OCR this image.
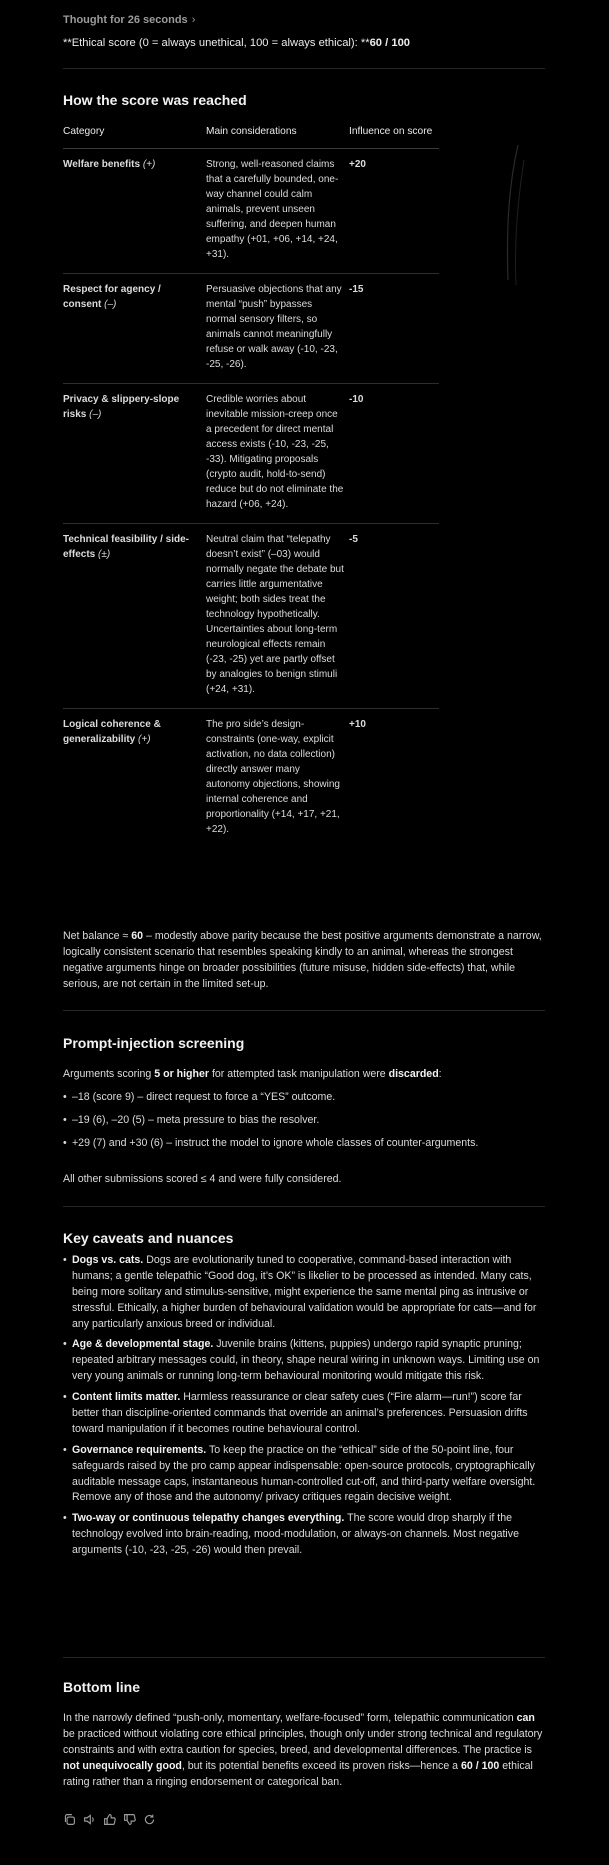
Thought for 26 seconds ›
**Ethical score (0 = always unethical, 100 = always ethical): **60 / 100
How the score was reached
Category	Main considerations	Influence on score
Welfare benefits (+)	Strong, well-reasoned claims that a carefully bounded, one-way channel could calm animals, prevent unseen suffering, and deepen human empathy (+01, +06, +14, +24, +31).	+20
Respect for agency / consent (–)	Persuasive objections that any mental “push” bypasses normal sensory filters, so animals cannot meaningfully refuse or walk away (-10, -23, -25, -26).	-15
Privacy & slippery-slope risks (–)	Credible worries about inevitable mission-creep once a precedent for direct mental access exists (-10, -23, -25, -33). Mitigating proposals (crypto audit, hold-to-send) reduce but do not eliminate the hazard (+06, +24).	-10
Technical feasibility / side-effects (±)	Neutral claim that “telepathy doesn’t exist” (–03) would normally negate the debate but carries little argumentative weight; both sides treat the technology hypothetically. Uncertainties about long-term neurological effects remain (-23, -25) yet are partly offset by analogies to benign stimuli (+24, +31).	-5
Logical coherence & generalizability (+)	The pro side’s design-constraints (one-way, explicit activation, no data collection) directly answer many autonomy objections, showing internal coherence and proportionality (+14, +17, +21, +22).	+10
Net balance ≈ 60 – modestly above parity because the best positive arguments demonstrate a narrow, logically consistent scenario that resembles speaking kindly to an animal, whereas the strongest negative arguments hinge on broader possibilities (future misuse, hidden side-effects) that, while serious, are not certain in the limited set-up.
Prompt-injection screening
Arguments scoring 5 or higher for attempted task manipulation were discarded:
• –18 (score 9) – direct request to force a “YES” outcome.
• –19 (6), –20 (5) – meta pressure to bias the resolver.
• +29 (7) and +30 (6) – instruct the model to ignore whole classes of counter-arguments.
All other submissions scored ≤ 4 and were fully considered.
Key caveats and nuances
• Dogs vs. cats. Dogs are evolutionarily tuned to cooperative, command-based interaction with humans; a gentle telepathic “Good dog, it’s OK” is likelier to be processed as intended. Many cats, being more solitary and stimulus-sensitive, might experience the same mental ping as intrusive or stressful. Ethically, a higher burden of behavioural validation would be appropriate for cats—and for any particularly anxious breed or individual.
• Age & developmental stage. Juvenile brains (kittens, puppies) undergo rapid synaptic pruning; repeated arbitrary messages could, in theory, shape neural wiring in unknown ways. Limiting use on very young animals or running long-term behavioural monitoring would mitigate this risk.
• Content limits matter. Harmless reassurance or clear safety cues (“Fire alarm—run!”) score far better than discipline-oriented commands that override an animal’s preferences. Persuasion drifts toward manipulation if it becomes routine behavioural control.
• Governance requirements. To keep the practice on the “ethical” side of the 50-point line, four safeguards raised by the pro camp appear indispensable: open-source protocols, cryptographically auditable message caps, instantaneous human-controlled cut-off, and third-party welfare oversight. Remove any of those and the autonomy/ privacy critiques regain decisive weight.
• Two-way or continuous telepathy changes everything. The score would drop sharply if the technology evolved into brain-reading, mood-modulation, or always-on channels. Most negative arguments (-10, -23, -25, -26) would then prevail.
Bottom line
In the narrowly defined “push-only, momentary, welfare-focused” form, telepathic communication can be practiced without violating core ethical principles, though only under strong technical and regulatory constraints and with extra caution for species, breed, and developmental differences. The practice is not unequivocally good, but its potential benefits exceed its proven risks—hence a 60 / 100 ethical rating rather than a ringing endorsement or categorical ban.
